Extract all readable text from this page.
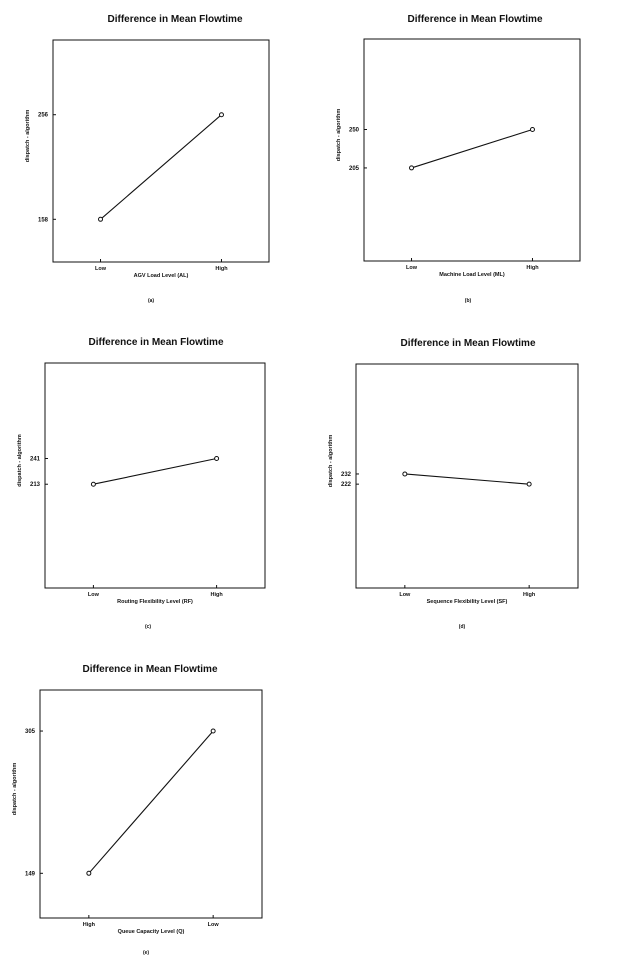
Difference in Mean Flowtime
158
256
Low	High
AGV Load Level (AL)
dispatch - algorithm
(a)
Difference in Mean Flowtime
205
250
Low	High
Machine Load Level (ML)
dispatch - algorithm
(b)
Difference in Mean Flowtime
213
241
Low	High
Routing Flexibility Level (RF)
dispatch - algorithm
(c)
Difference in Mean Flowtime
232
222
Low	High
Sequence Flexibility Level (SF)
dispatch - algorithm
(d)
Difference in Mean Flowtime
305
149
High	Low
Queue Capacity Level (Q)
dispatch - algorithm
(e)
